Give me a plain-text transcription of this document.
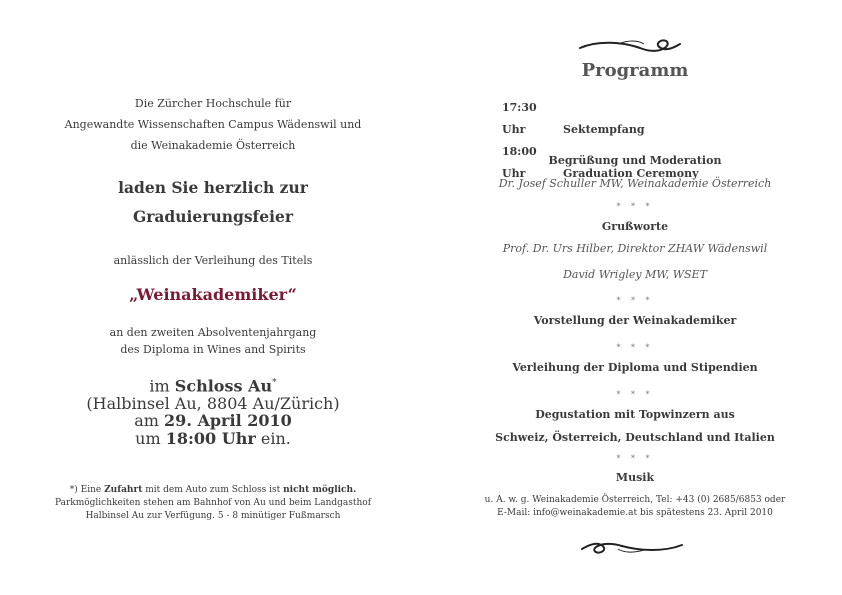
Die Zürcher Hochschule für
Angewandte Wissenschaften Campus Wädenswil und
die Weinakademie Österreich
laden Sie herzlich zur
Graduierungsfeier
anlässlich der Verleihung des Titels
„Weinakademiker“
an den zweiten Absolventenjahrgang
des Diploma in Wines and Spirits
im Schloss Au*
(Halbinsel Au, 8804 Au/Zürich)
am 29. April 2010
um 18:00 Uhr ein.
*) Eine Zufahrt mit dem Auto zum Schloss ist nicht möglich.
Parkmöglichkeiten stehen am Bahnhof von Au und beim Landgasthof
Halbinsel Au zur Verfügung. 5 - 8 minütiger Fußmarsch
Programm
17:30 Uhr	Sektempfang
18:00 Uhr	Graduation Ceremony
Begrüßung und Moderation
Dr. Josef Schuller MW, Weinakademie Österreich
* * *
Grußworte
Prof. Dr. Urs Hilber, Direktor ZHAW Wädenswil
David Wrigley MW, WSET
* * *
Vorstellung der Weinakademiker
* * *
Verleihung der Diploma und Stipendien
* * *
Degustation mit Topwinzern aus
Schweiz, Österreich, Deutschland und Italien
* * *
Musik
u. A. w. g. Weinakademie Österreich, Tel: +43 (0) 2685/6853 oder
E-Mail: info@weinakademie.at bis spätestens 23. April 2010
